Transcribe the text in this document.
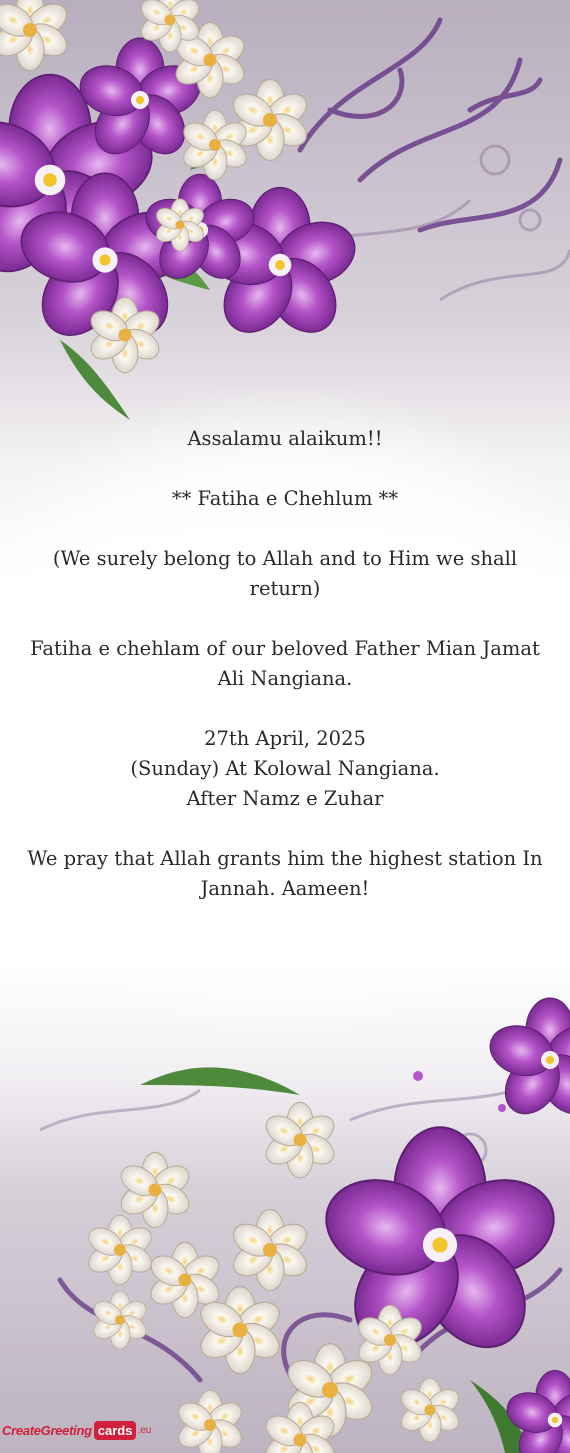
Assalamu alaikum!!
** Fatiha e Chehlum **
(We surely belong to Allah and to Him we shall return)
Fatiha e chehlam of our beloved Father Mian Jamat Ali Nangiana.
27th April, 2025
(Sunday) At Kolowal Nangiana.
After Namz e Zuhar
We pray that Allah grants him the highest station In Jannah. Aameen!
CreateGreeting cards .eu
